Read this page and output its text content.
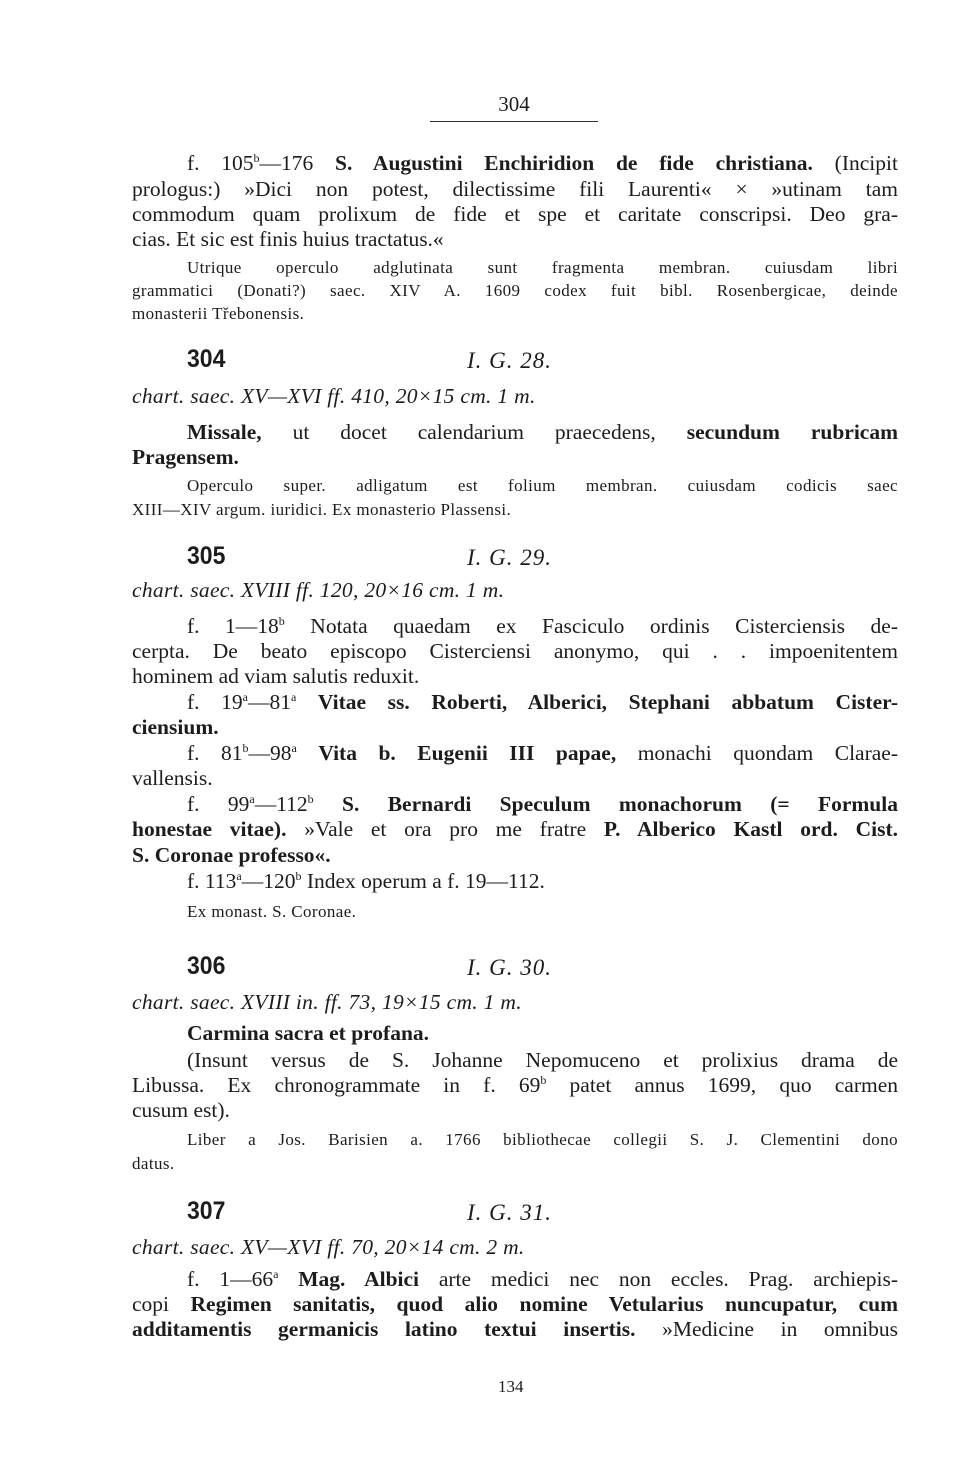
304
f. 105$^b$—176 S. Augustini Enchiridion de fide christiana. (Incipit
prologus:) »Dici non potest, dilectissime fili Laurenti« × »utinam tam
commodum quam prolixum de fide et spe et caritate conscripsi. Deo gra-
cias. Et sic est finis huius tractatus.«
Utrique operculo adglutinata sunt fragmenta membran. cuiusdam libri
grammatici (Donati?) saec. XIV A. 1609 codex fuit bibl. Rosenbergicae, deinde
monasterii Třebonensis.
304	I. G. 28.
chart. saec. XV—XVI ff. 410, 20×15 cm. 1 m.
Missale, ut docet calendarium praecedens, secundum rubricam
Pragensem.
Operculo super. adligatum est folium membran. cuiusdam codicis saec
XIII—XIV argum. iuridici. Ex monasterio Plassensi.
305	I. G. 29.
chart. saec. XVIII ff. 120, 20×16 cm. 1 m.
f. 1—18$^b$ Notata quaedam ex Fasciculo ordinis Cisterciensis de-
cerpta. De beato episcopo Cisterciensi anonymo, qui . . impoenitentem
hominem ad viam salutis reduxit.
f. 19$^a$—81$^a$ Vitae ss. Roberti, Alberici, Stephani abbatum Cister-
ciensium.
f. 81$^b$—98$^a$ Vita b. Eugenii III papae, monachi quondam Clarae-
vallensis.
f. 99$^a$—112$^b$ S. Bernardi Speculum monachorum (= Formula
honestae vitae). »Vale et ora pro me fratre P. Alberico Kastl ord. Cist.
S. Coronae professo«.
f. 113$^a$—120$^b$ Index operum a f. 19—112.
Ex monast. S. Coronae.
306	I. G. 30.
chart. saec. XVIII in. ff. 73, 19×15 cm. 1 m.
Carmina sacra et profana.
(Insunt versus de S. Johanne Nepomuceno et prolixius drama de
Libussa. Ex chronogrammate in f. 69$^b$ patet annus 1699, quo carmen
cusum est).
Liber a Jos. Barisien a. 1766 bibliothecae collegii S. J. Clementini dono
datus.
307	I. G. 31.
chart. saec. XV—XVI ff. 70, 20×14 cm. 2 m.
f. 1—66$^a$ Mag. Albici arte medici nec non eccles. Prag. archiepis-
copi Regimen sanitatis, quod alio nomine Vetularius nuncupatur, cum
additamentis germanicis latino textui insertis. »Medicine in omnibus
134
